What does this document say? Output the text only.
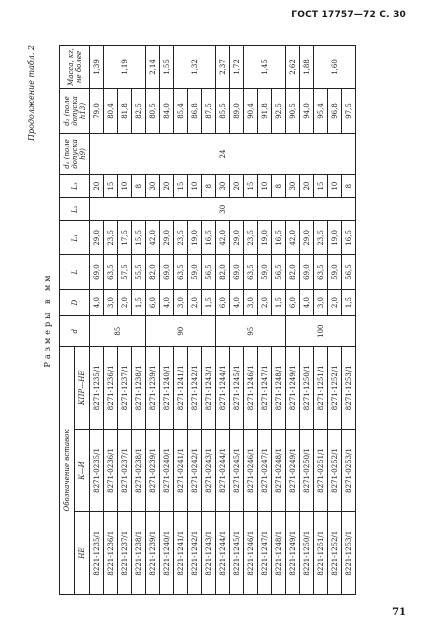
ГОСТ 17757—72 С. 30
Продолжение табл. 2
Размеры в мм
Обозначение вставок			d	D	L	L₁	L₂	L₃	d₁ (поле допуска h9)	d₂ (поле допуска h13)	Масса, кг, не более
НЕ	К—И	КПР—НЕ									
8221-1235/1	8271-0235/1	8271-1235/1	85	4,0	69,0	29,0	30	20	24	79,0	1,39
8221-1236/1	8271-0236/1	8271-1236/1		3,0	63,5	23,5		15		80,4	1,19
8221-1237/1	8271-0237/1	8271-1237/1		2,0	57,5	17,5		10		81,8	
8221-1238/1	8271-0238/1	8271-1238/1		1,5	55,5	15,5		8		82,5	
8221-1239/1	8271-0239/1	8271-1239/1	90	6,0	82,0	42,0		30		80,5	2,14
8221-1240/1	8271-0240/1	8271-1240/1		4,0	69,0	29,0		20		84,0	1,55
8221-1241/1	8271-0241/1	8271-1241/1		3,0	63,5	23,5		15		85,4	1,32
8221-1242/1	8271-0242/1	8271-1242/1		2,0	59,0	19,0		10		86,8	
8221-1243/1	8271-0243/1	8271-1243/1		1,5	56,5	16,5		8		87,5	
8221-1244/1	8271-0244/1	8271-1244/1	95	6,0	82,0	42,0		30		85,5	2,37
8221-1245/1	8271-0245/1	8271-1245/1		4,0	69,0	29,0		20		89,0	1,72
8221-1246/1	8271-0246/1	8271-1246/1		3,0	63,5	23,5		15		90,4	1,45
8221-1247/1	8271-0247/1	8271-1247/1		2,0	59,0	19,0		10		91,8	
8221-1248/1	8271-0248/1	8271-1248/1		1,5	56,5	16,5		8		92,5	
8221-1249/1	8271-0249/1	8271-1249/1	100	6,0	82,0	42,0		30		90,5	2,62
8221-1250/1	8271-0250/1	8271-1250/1		4,0	69,0	29,0		20		94,0	1,88
8221-1251/1	8271-0251/1	8271-1251/1		3,0	63,5	23,5		15		95,4	1,60
8221-1252/1	8271-0252/1	8271-1252/1		2,0	59,0	19,0		10		96,8	
8221-1253/1	8271-0253/1	8271-1253/1		1,5	56,5	16,5		8		97,5	
71
